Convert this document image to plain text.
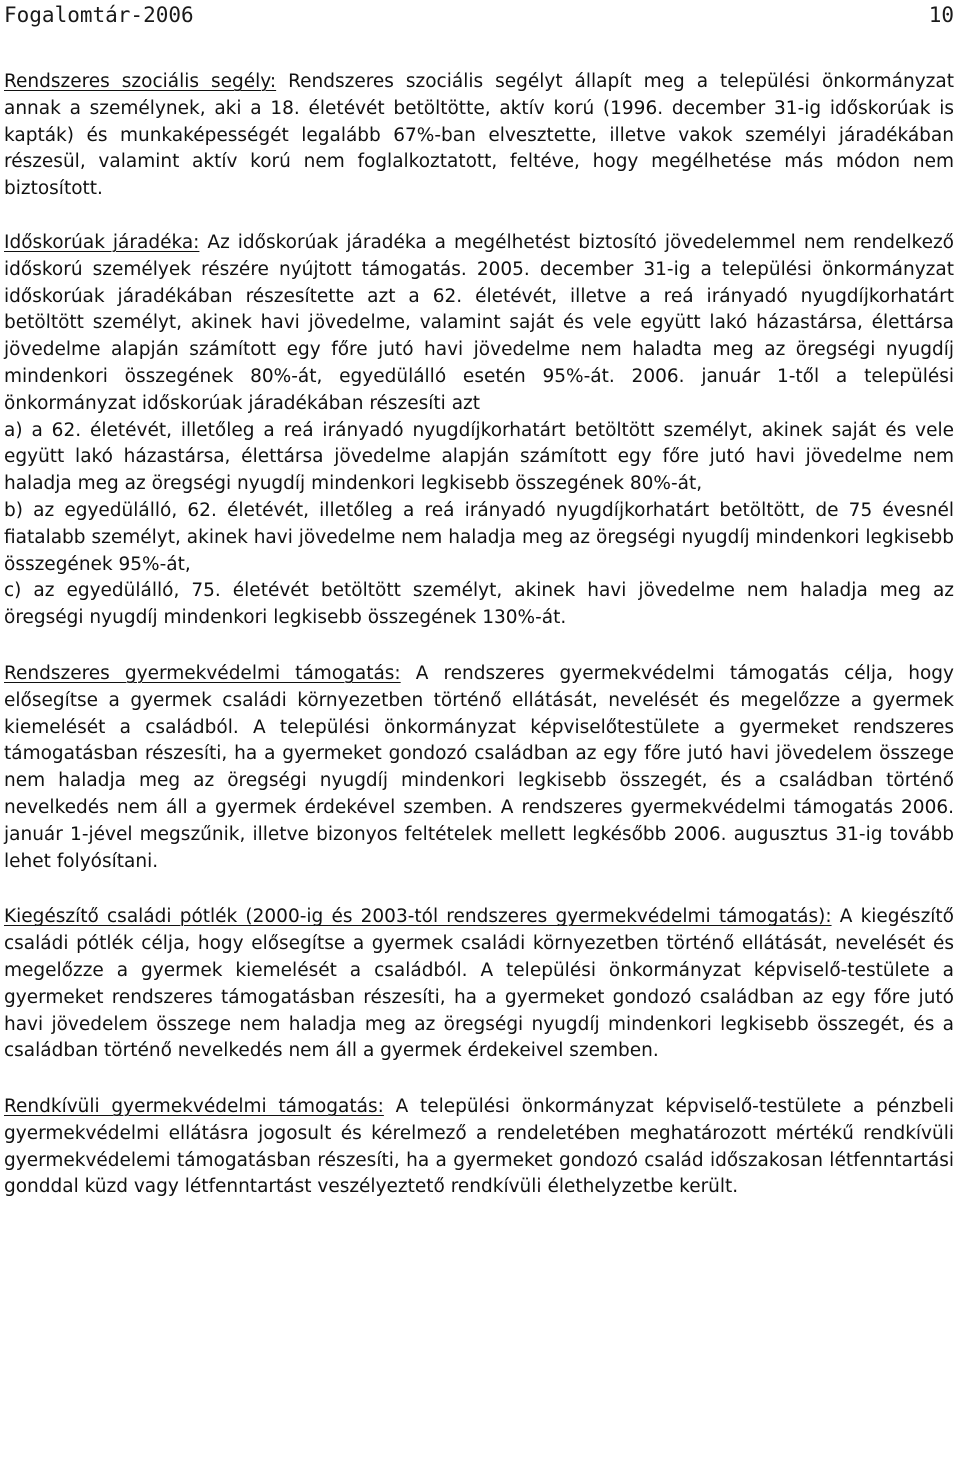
Fogalomtár-2006	10

Rendszeres szociális segély: Rendszeres szociális segélyt állapít meg a települési önkormányzat annak a személynek, aki a 18. életévét betöltötte, aktív korú (1996. december 31-ig időskorúak is kapták) és munkaképességét legalább 67%-ban elvesztette, illetve vakok személyi járadékában részesül, valamint aktív korú nem foglalkoztatott, feltéve, hogy megélhetése más módon nem biztosított.

Időskorúak járadéka: Az időskorúak járadéka a megélhetést biztosító jövedelemmel nem rendelkező időskorú személyek részére nyújtott támogatás. 2005. december 31-ig a települési önkormányzat időskorúak járadékában részesítette azt a 62. életévét, illetve a reá irányadó nyugdíjkorhatárt betöltött személyt, akinek havi jövedelme, valamint saját és vele együtt lakó házastársa, élettársa jövedelme alapján számított egy főre jutó havi jövedelme nem haladta meg az öregségi nyugdíj mindenkori összegének 80%-át, egyedülálló esetén 95%-át. 2006. január 1-től a települési önkormányzat időskorúak járadékában részesíti azt

a) a 62. életévét, illetőleg a reá irányadó nyugdíjkorhatárt betöltött személyt, akinek saját és vele együtt lakó házastársa, élettársa jövedelme alapján számított egy főre jutó havi jövedelme nem haladja meg az öregségi nyugdíj mindenkori legkisebb összegének 80%-át,

b) az egyedülálló, 62. életévét, illetőleg a reá irányadó nyugdíjkorhatárt betöltött, de 75 évesnél fiatalabb személyt, akinek havi jövedelme nem haladja meg az öregségi nyugdíj mindenkori legkisebb összegének 95%-át,

c) az egyedülálló, 75. életévét betöltött személyt, akinek havi jövedelme nem haladja meg az öregségi nyugdíj mindenkori legkisebb összegének 130%-át.

Rendszeres gyermekvédelmi támogatás: A rendszeres gyermekvédelmi támogatás célja, hogy elősegítse a gyermek családi környezetben történő ellátását, nevelését és megelőzze a gyermek kiemelését a családból. A települési önkormányzat képviselőtestülete a gyermeket rendszeres támogatásban részesíti, ha a gyermeket gondozó családban az egy főre jutó havi jövedelem összege nem haladja meg az öregségi nyugdíj mindenkori legkisebb összegét, és a családban történő nevelkedés nem áll a gyermek érdekével szemben. A rendszeres gyermekvédelmi támogatás 2006. január 1-jével megszűnik, illetve bizonyos feltételek mellett legkésőbb 2006. augusztus 31-ig tovább lehet folyósítani.

Kiegészítő családi pótlék (2000-ig és 2003-tól rendszeres gyermekvédelmi támogatás): A kiegészítő családi pótlék célja, hogy elősegítse a gyermek családi környezetben történő ellátását, nevelését és megelőzze a gyermek kiemelését a családból. A települési önkormányzat képviselő-testülete a gyermeket rendszeres támogatásban részesíti, ha a gyermeket gondozó családban az egy főre jutó havi jövedelem összege nem haladja meg az öregségi nyugdíj mindenkori legkisebb összegét, és a családban történő nevelkedés nem áll a gyermek érdekeivel szemben.

Rendkívüli gyermekvédelmi támogatás: A települési önkormányzat képviselő-testülete a pénzbeli gyermekvédelmi ellátásra jogosult és kérelmező a rendeletében meghatározott mértékű rendkívüli gyermekvédelemi támogatásban részesíti, ha a gyermeket gondozó család időszakosan létfenntartási gonddal küzd vagy létfenntartást veszélyeztető rendkívüli élethelyzetbe került.
